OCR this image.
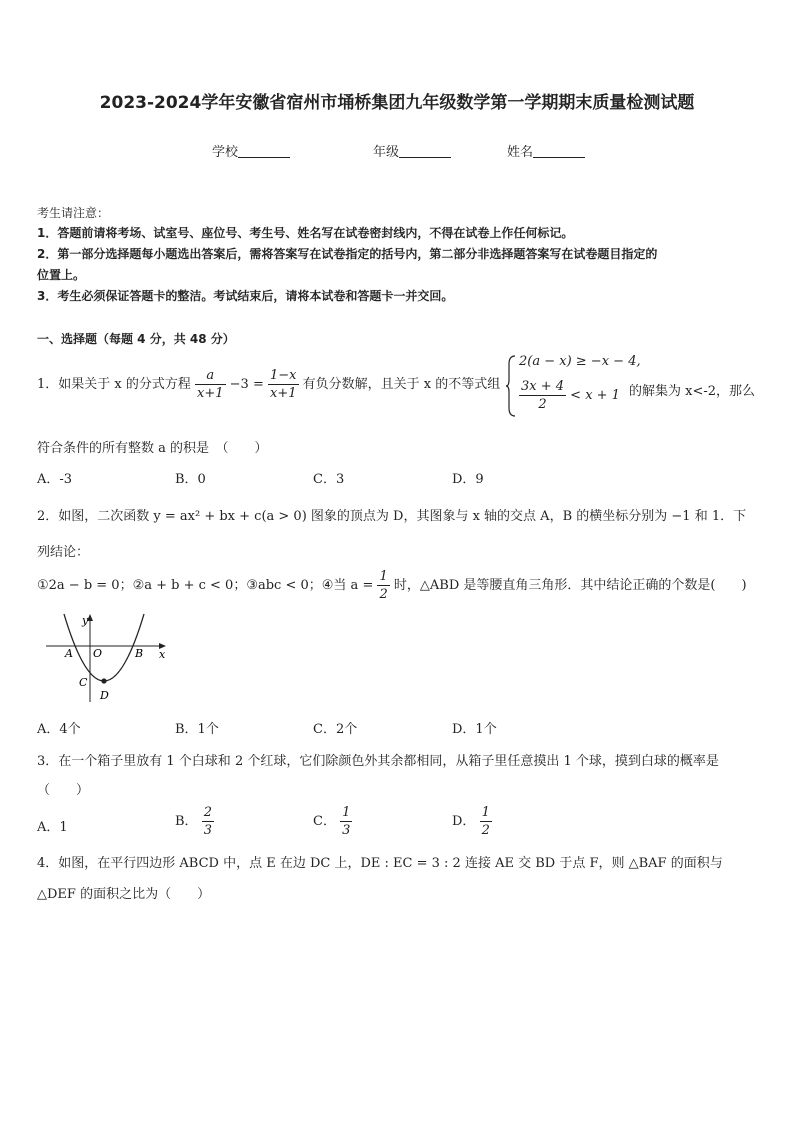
2023-2024学年安徽省宿州市埇桥集团九年级数学第一学期期末质量检测试题
学校	年级	姓名
考生请注意：
1．答题前请将考场、试室号、座位号、考生号、姓名写在试卷密封线内，不得在试卷上作任何标记。
2．第一部分选择题每小题选出答案后，需将答案写在试卷指定的括号内，第二部分非选择题答案写在试卷题目指定的
位置上。
3．考生必须保证答题卡的整洁。考试结束后，请将本试卷和答题卡一并交回。
一、选择题（每题 4 分，共 48 分）
1．如果关于 x 的分式方程 $\frac{a}{x+1} -3 = \frac{1-x}{x+1}$ 有负分数解，且关于 x 的不等式组
2(a − x) ≥ −x − 4,
$\frac{3x + 4}{2} < x + 1$ 的解集为 x<-2，那么
符合条件的所有整数 a 的积是　（　　）
A．-3	B．0	C．3	D．9
2．如图，二次函数 y = ax² + bx + c(a > 0) 图象的顶点为 D，其图象与 x 轴的交点 A，B 的横坐标分别为 −1 和 1．下
列结论：
①2a − b = 0；②a + b + c < 0；③abc < 0；④当 $a = \frac{1}{2}$ 时，△ABD 是等腰直角三角形．其中结论正确的个数是(　　)
y
x
A O	B
C
D
A．4个	B．1个	C．2个	D．1个
3．在一个箱子里放有 1 个白球和 2 个红球，它们除颜色外其余都相同，从箱子里任意摸出 1 个球，摸到白球的概率是
（　　）
A．1	B． $\frac{2}{3}$	C． $\frac{1}{3}$	D． $\frac{1}{2}$
4．如图，在平行四边形 ABCD 中，点 E 在边 DC 上，DE : EC = 3 : 2 连接 AE 交 BD 于点 F，则 △BAF 的面积与
△DEF 的面积之比为（　　）
